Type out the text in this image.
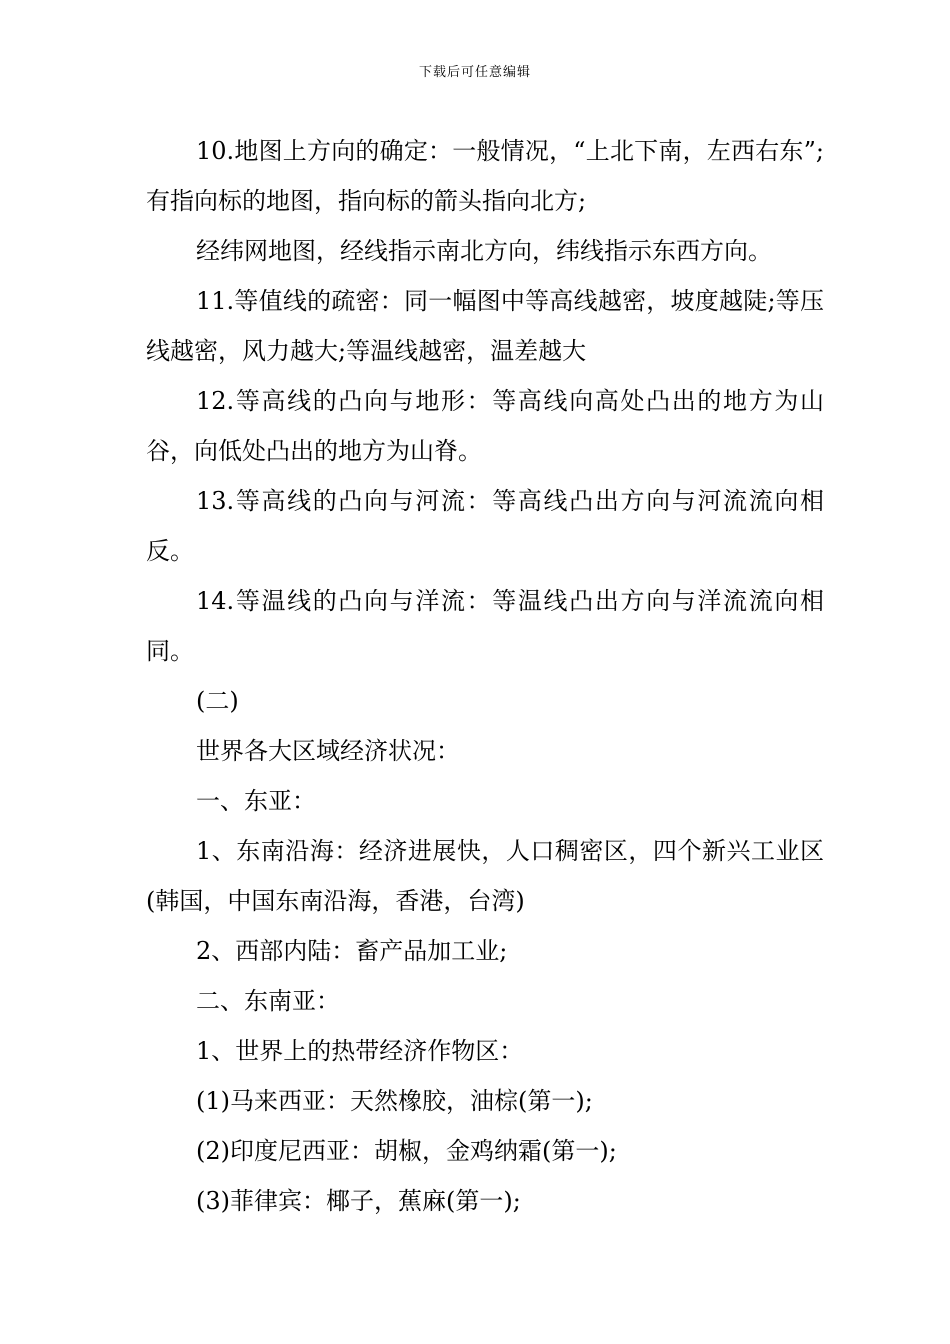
下载后可任意编辑

10.地图上方向的确定：一般情况，“上北下南，左西右东”;有指向标的地图，指向标的箭头指向北方;

经纬网地图，经线指示南北方向，纬线指示东西方向。

11.等值线的疏密：同一幅图中等高线越密，坡度越陡;等压线越密，风力越大;等温线越密，温差越大

12.等高线的凸向与地形：等高线向高处凸出的地方为山谷，向低处凸出的地方为山脊。

13.等高线的凸向与河流：等高线凸出方向与河流流向相反。

14.等温线的凸向与洋流：等温线凸出方向与洋流流向相同。

(二)

世界各大区域经济状况：

一、东亚：

1、东南沿海：经济进展快，人口稠密区，四个新兴工业区(韩国，中国东南沿海，香港，台湾)

2、西部内陆：畜产品加工业;

二、东南亚：

1、世界上的热带经济作物区：

(1)马来西亚：天然橡胶，油棕(第一);

(2)印度尼西亚：胡椒，金鸡纳霜(第一);

(3)菲律宾：椰子，蕉麻(第一);
